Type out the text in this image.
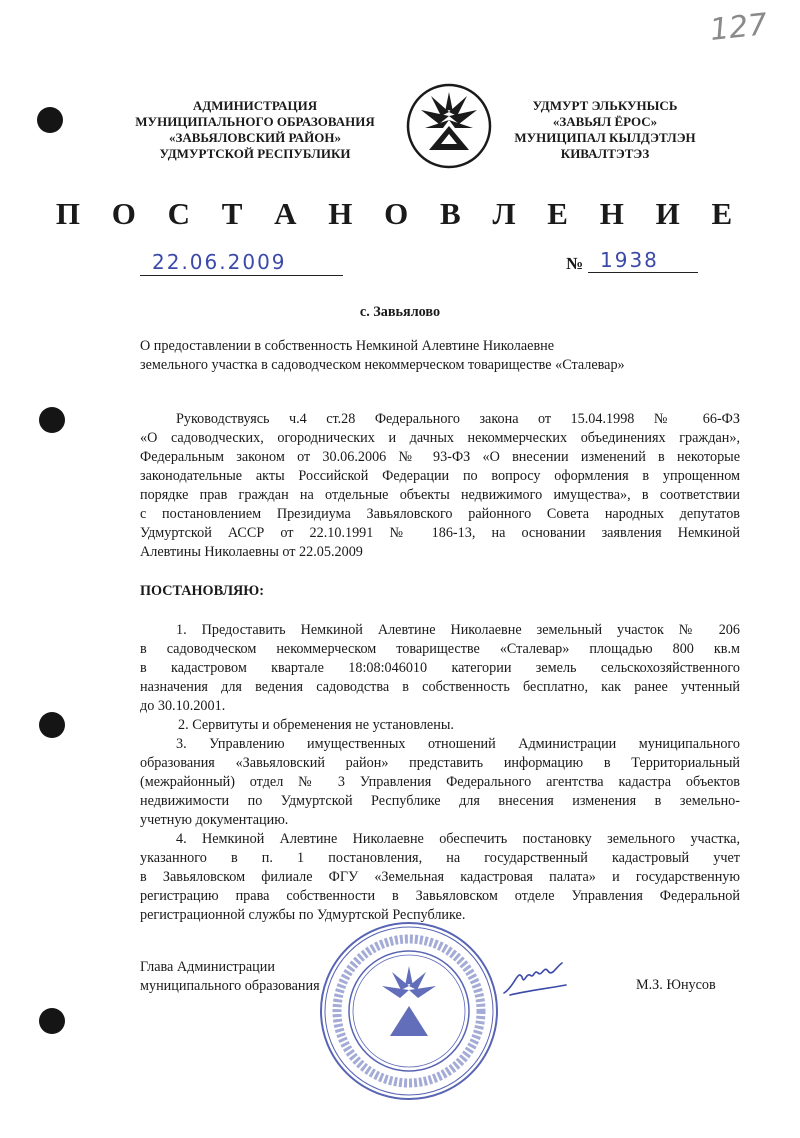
127
АДМИНИСТРАЦИЯ
МУНИЦИПАЛЬНОГО ОБРАЗОВАНИЯ
«ЗАВЬЯЛОВСКИЙ РАЙОН»
УДМУРТСКОЙ РЕСПУБЛИКИ
УДМУРТ ЭЛЬКУНЫСЬ
«ЗАВЬЯЛ ЁРОС»
МУНИЦИПАЛ КЫЛДЭТЛЭН
КИВАЛТЭТЭЗ
П О С Т А Н О В Л Е Н И Е
22.06.2009	№ 1938
с. Завьялово
О предоставлении в собственность Немкиной Алевтине Николаевне
земельного участка в садоводческом некоммерческом товариществе «Сталевар»
Руководствуясь ч.4 ст.28 Федерального закона от 15.04.1998 № 66-ФЗ
«О садоводческих, огороднических и дачных некоммерческих объединениях граждан»,
Федеральным законом от 30.06.2006 № 93-ФЗ «О внесении изменений в некоторые
законодательные акты Российской Федерации по вопросу оформления в упрощенном
порядке прав граждан на отдельные объекты недвижимого имущества», в соответствии
с постановлением Президиума Завьяловского районного Совета народных депутатов
Удмуртской АССР от 22.10.1991 № 186-13, на основании заявления Немкиной
Алевтины Николаевны от 22.05.2009
ПОСТАНОВЛЯЮ:
1. Предоставить Немкиной Алевтине Николаевне земельный участок № 206
в садоводческом некоммерческом товариществе «Сталевар» площадью 800 кв.м
в кадастровом квартале 18:08:046010 категории земель сельскохозяйственного
назначения для ведения садоводства в собственность бесплатно, как ранее учтенный
до 30.10.2001.
2. Сервитуты и обременения не установлены.
3. Управлению имущественных отношений Администрации муниципального
образования «Завьяловский район» представить информацию в Территориальный
(межрайонный) отдел № 3 Управления Федерального агентства кадастра объектов
недвижимости по Удмуртской Республике для внесения изменения в земельно-
учетную документацию.
4. Немкиной Алевтине Николаевне обеспечить постановку земельного участка,
указанного в п. 1 постановления, на государственный кадастровый учет
в Завьяловском филиале ФГУ «Земельная кадастровая палата» и государственную
регистрацию права собственности в Завьяловском отделе Управления Федеральной
регистрационной службы по Удмуртской Республике.
Глава Администрации
муниципального образования	М.З. Юнусов
